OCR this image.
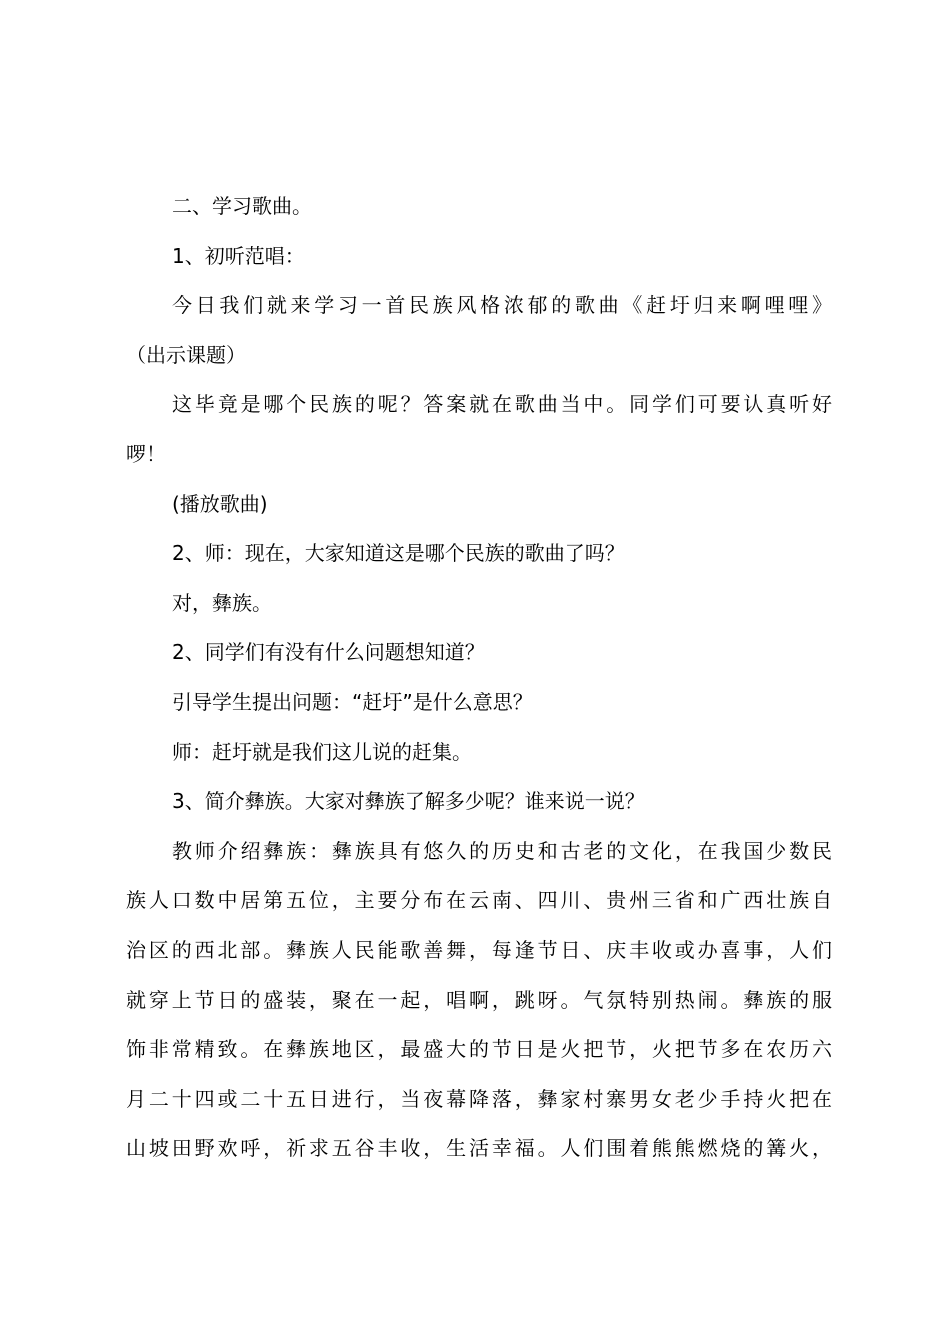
二、学习歌曲。
1、初听范唱：
今日我们就来学习一首民族风格浓郁的歌曲《赶圩归来啊哩哩》
（出示课题）
这毕竟是哪个民族的呢？答案就在歌曲当中。同学们可要认真听好
啰！
(播放歌曲)
2、师：现在，大家知道这是哪个民族的歌曲了吗？
对，彝族。
2、同学们有没有什么问题想知道？
引导学生提出问题：“赶圩”是什么意思？
师：赶圩就是我们这儿说的赶集。
3、简介彝族。大家对彝族了解多少呢？谁来说一说？
教师介绍彝族：彝族具有悠久的历史和古老的文化，在我国少数民
族人口数中居第五位，主要分布在云南、四川、贵州三省和广西壮族自
治区的西北部。彝族人民能歌善舞，每逢节日、庆丰收或办喜事，人们
就穿上节日的盛装，聚在一起，唱啊，跳呀。气氛特别热闹。彝族的服
饰非常精致。在彝族地区，最盛大的节日是火把节，火把节多在农历六
月二十四或二十五日进行，当夜幕降落，彝家村寨男女老少手持火把在
山坡田野欢呼，祈求五谷丰收，生活幸福。人们围着熊熊燃烧的篝火，
